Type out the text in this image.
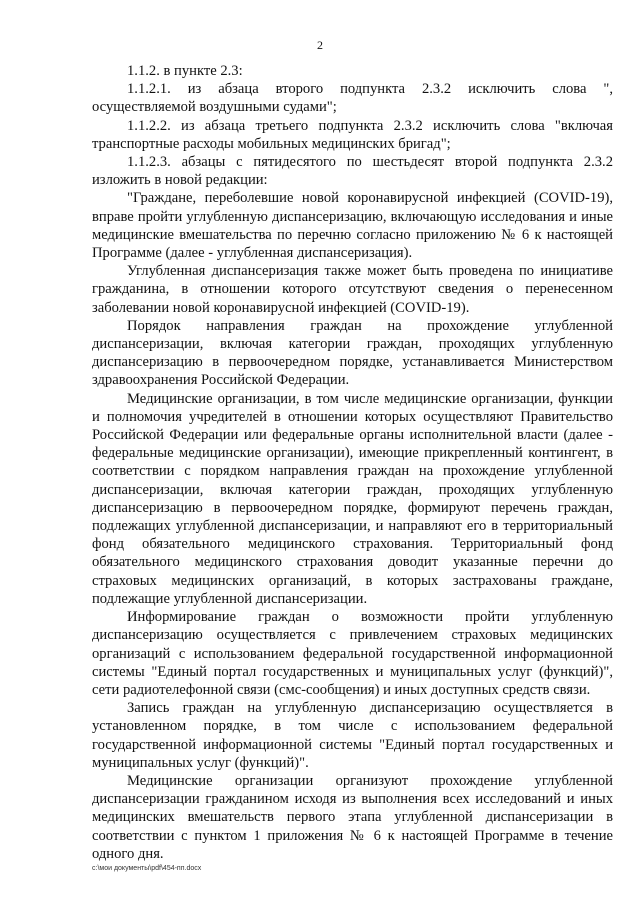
2

1.1.2. в пункте 2.3:

1.1.2.1. из абзаца второго подпункта 2.3.2 исключить слова ", осуществляемой воздушными судами";

1.1.2.2. из абзаца третьего подпункта 2.3.2 исключить слова "включая транспортные расходы мобильных медицинских бригад";

1.1.2.3. абзацы с пятидесятого по шестьдесят второй подпункта 2.3.2 изложить в новой редакции:

"Граждане, переболевшие новой коронавирусной инфекцией (COVID-19), вправе пройти углубленную диспансеризацию, включающую исследования и иные медицинские вмешательства по перечню согласно приложению № 6 к настоящей Программе (далее - углубленная диспансеризация).

Углубленная диспансеризация также может быть проведена по инициативе гражданина, в отношении которого отсутствуют сведения о перенесенном заболевании новой коронавирусной инфекцией (COVID-19).

Порядок направления граждан на прохождение углубленной диспансеризации, включая категории граждан, проходящих углубленную диспансеризацию в первоочередном порядке, устанавливается Министерством здравоохранения Российской Федерации.

Медицинские организации, в том числе медицинские организации, функции и полномочия учредителей в отношении которых осуществляют Правительство Российской Федерации или федеральные органы исполнительной власти (далее - федеральные медицинские организации), имеющие прикрепленный контингент, в соответствии с порядком направления граждан на прохождение углубленной диспансеризации, включая категории граждан, проходящих углубленную диспансеризацию в первоочередном порядке, формируют перечень граждан, подлежащих углубленной диспансеризации, и направляют его в территориальный фонд обязательного медицинского страхования. Территориальный фонд обязательного медицинского страхования доводит указанные перечни до страховых медицинских организаций, в которых застрахованы граждане, подлежащие углубленной диспансеризации.

Информирование граждан о возможности пройти углубленную диспансеризацию осуществляется с привлечением страховых медицинских организаций с использованием федеральной государственной информационной системы "Единый портал государственных и муниципальных услуг (функций)", сети радиотелефонной связи (смс-сообщения) и иных доступных средств связи.

Запись граждан на углубленную диспансеризацию осуществляется в установленном порядке, в том числе с использованием федеральной государственной информационной системы "Единый портал государственных и муниципальных услуг (функций)".

Медицинские организации организуют прохождение углубленной диспансеризации гражданином исходя из выполнения всех исследований и иных медицинских вмешательств первого этапа углубленной диспансеризации в соответствии с пунктом 1 приложения № 6 к настоящей Программе в течение одного дня.

c:\мои документы\pdf\454-пп.docx
